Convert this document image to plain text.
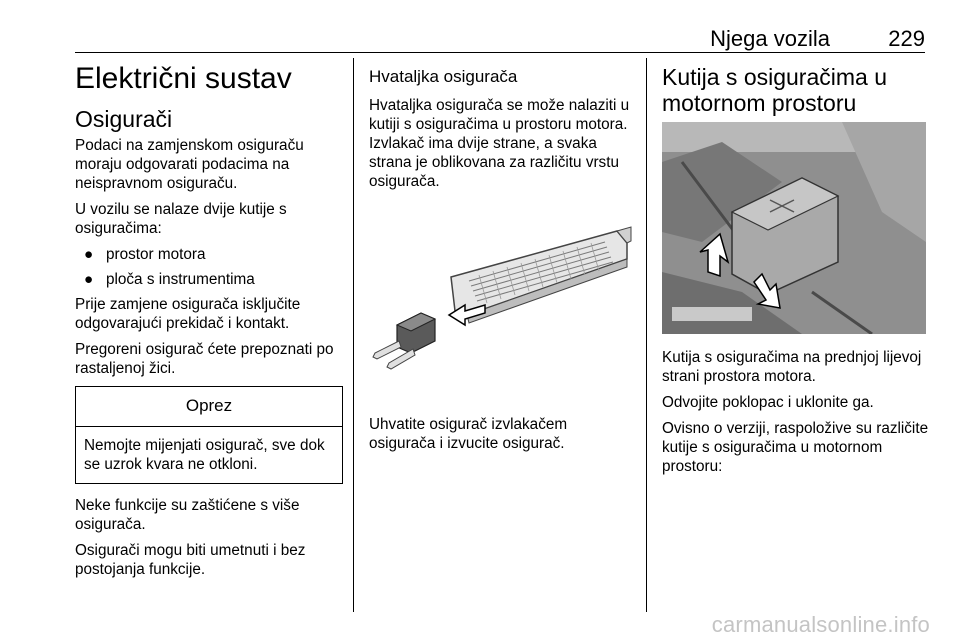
Njega vozila	229
Električni sustav
Osigurači

Podaci na zamjenskom osiguraču moraju odgovarati podacima na neispravnom osiguraču.

U vozilu se nalaze dvije kutije s osiguračima:

● prostor motora
● ploča s instrumentima

Prije zamjene osigurača isključite odgovarajući prekidač i kontakt.

Pregoreni osigurač ćete prepoznati po rastaljenoj žici.

Oprez
Nemojte mijenjati osigurač, sve dok se uzrok kvara ne otkloni.

Neke funkcije su zaštićene s više osigurača.

Osigurači mogu biti umetnuti i bez postojanja funkcije.

Hvataljka osigurača

Hvataljka osigurača se može nalaziti u kutiji s osiguračima u prostoru motora. Izvlakač ima dvije strane, a svaka strana je oblikovana za različitu vrstu osigurača.

Uhvatite osigurač izvlakačem osigurača i izvucite osigurač.

Kutija s osiguračima u motornom prostoru

Kutija s osiguračima na prednjoj lijevoj strani prostora motora.

Odvojite poklopac i uklonite ga.

Ovisno o verziji, raspoložive su različite kutije s osiguračima u motornom prostoru:

carmanualsonline.info
